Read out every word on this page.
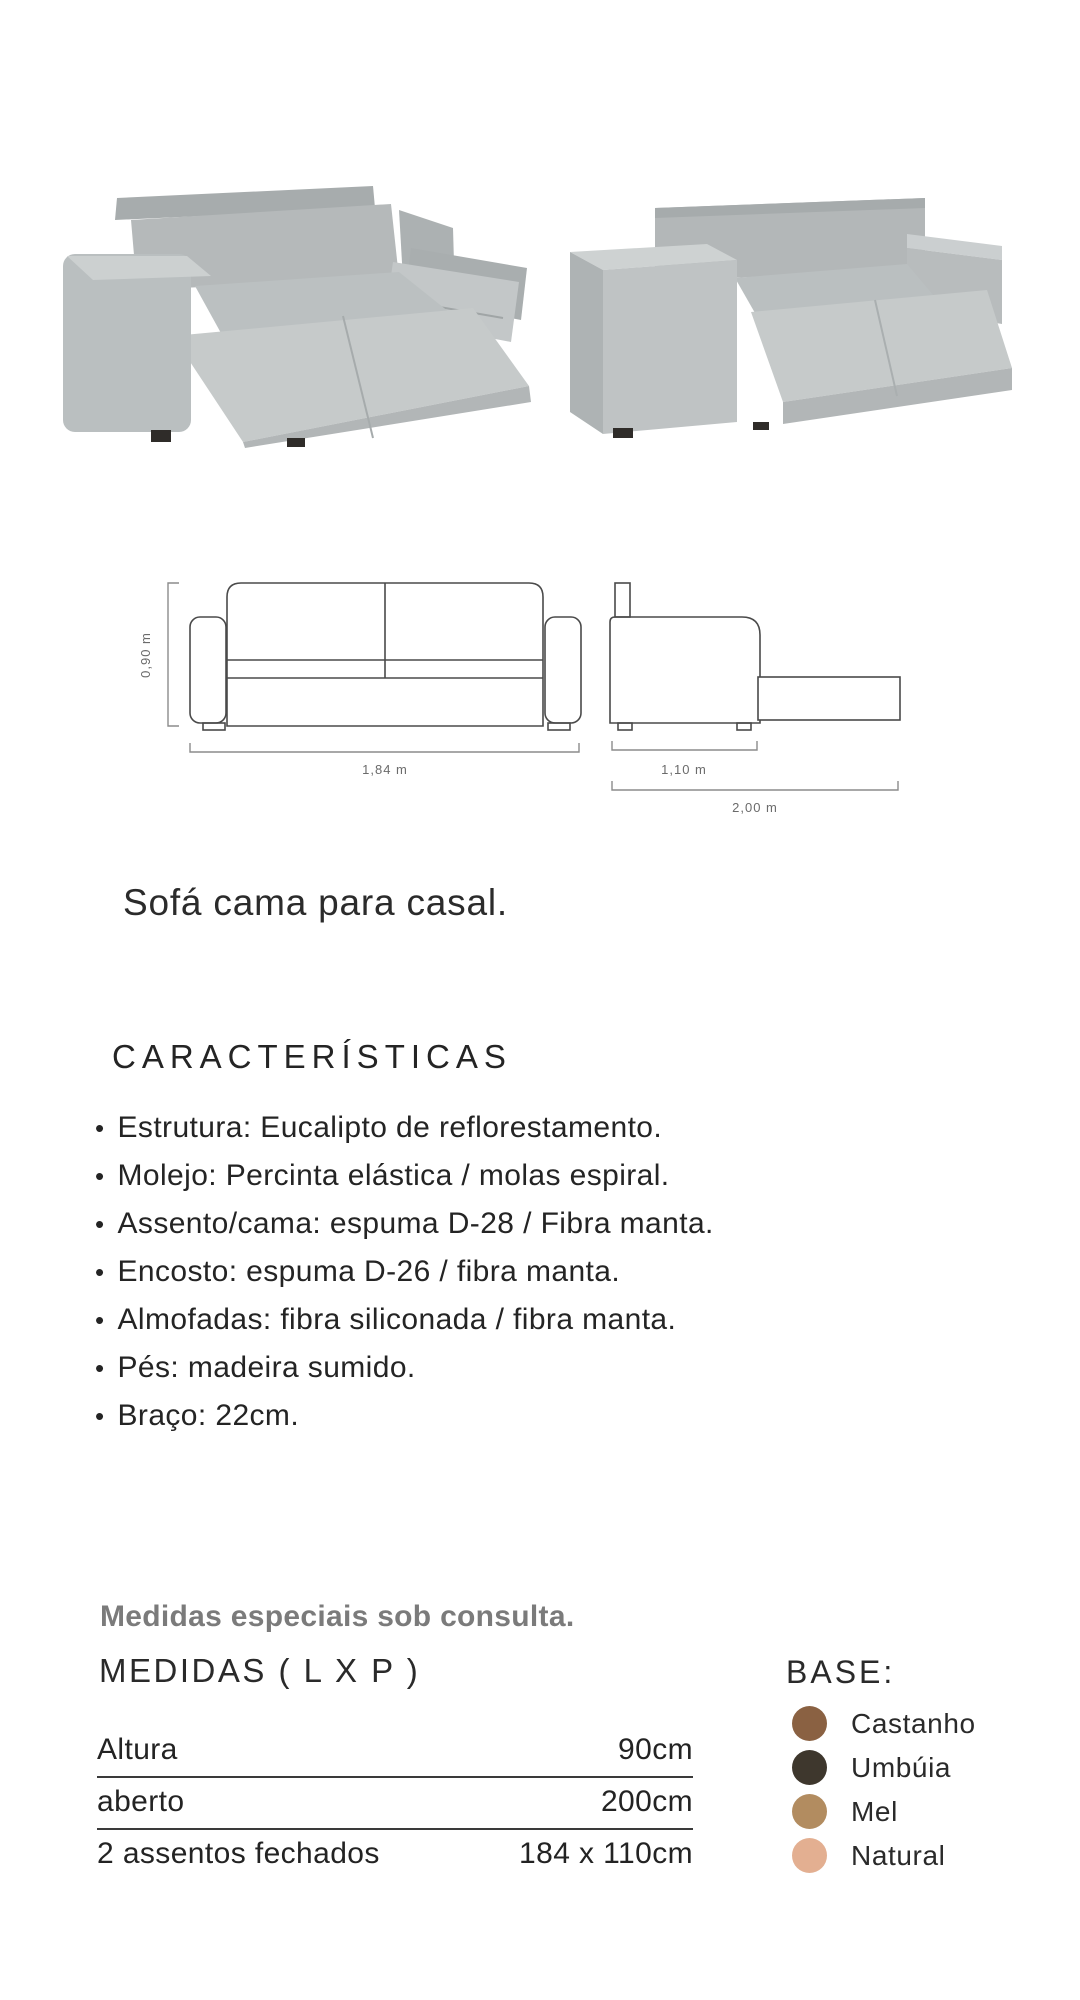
0,90 m
1,84 m	1,10 m
2,00 m
Sofá cama para casal.
CARACTERÍSTICAS
• Estrutura: Eucalipto de reflorestamento.
• Molejo: Percinta elástica / molas espiral.
• Assento/cama: espuma D-28 / Fibra manta.
• Encosto: espuma D-26 / fibra manta.
• Almofadas: fibra siliconada / fibra manta.
• Pés: madeira sumido.
• Braço: 22cm.
Medidas especiais sob consulta.
MEDIDAS ( L X P )
Altura	90cm
aberto	200cm
2 assentos fechados	184 x 110cm
BASE:
Castanho
Umbúia
Mel
Natural
